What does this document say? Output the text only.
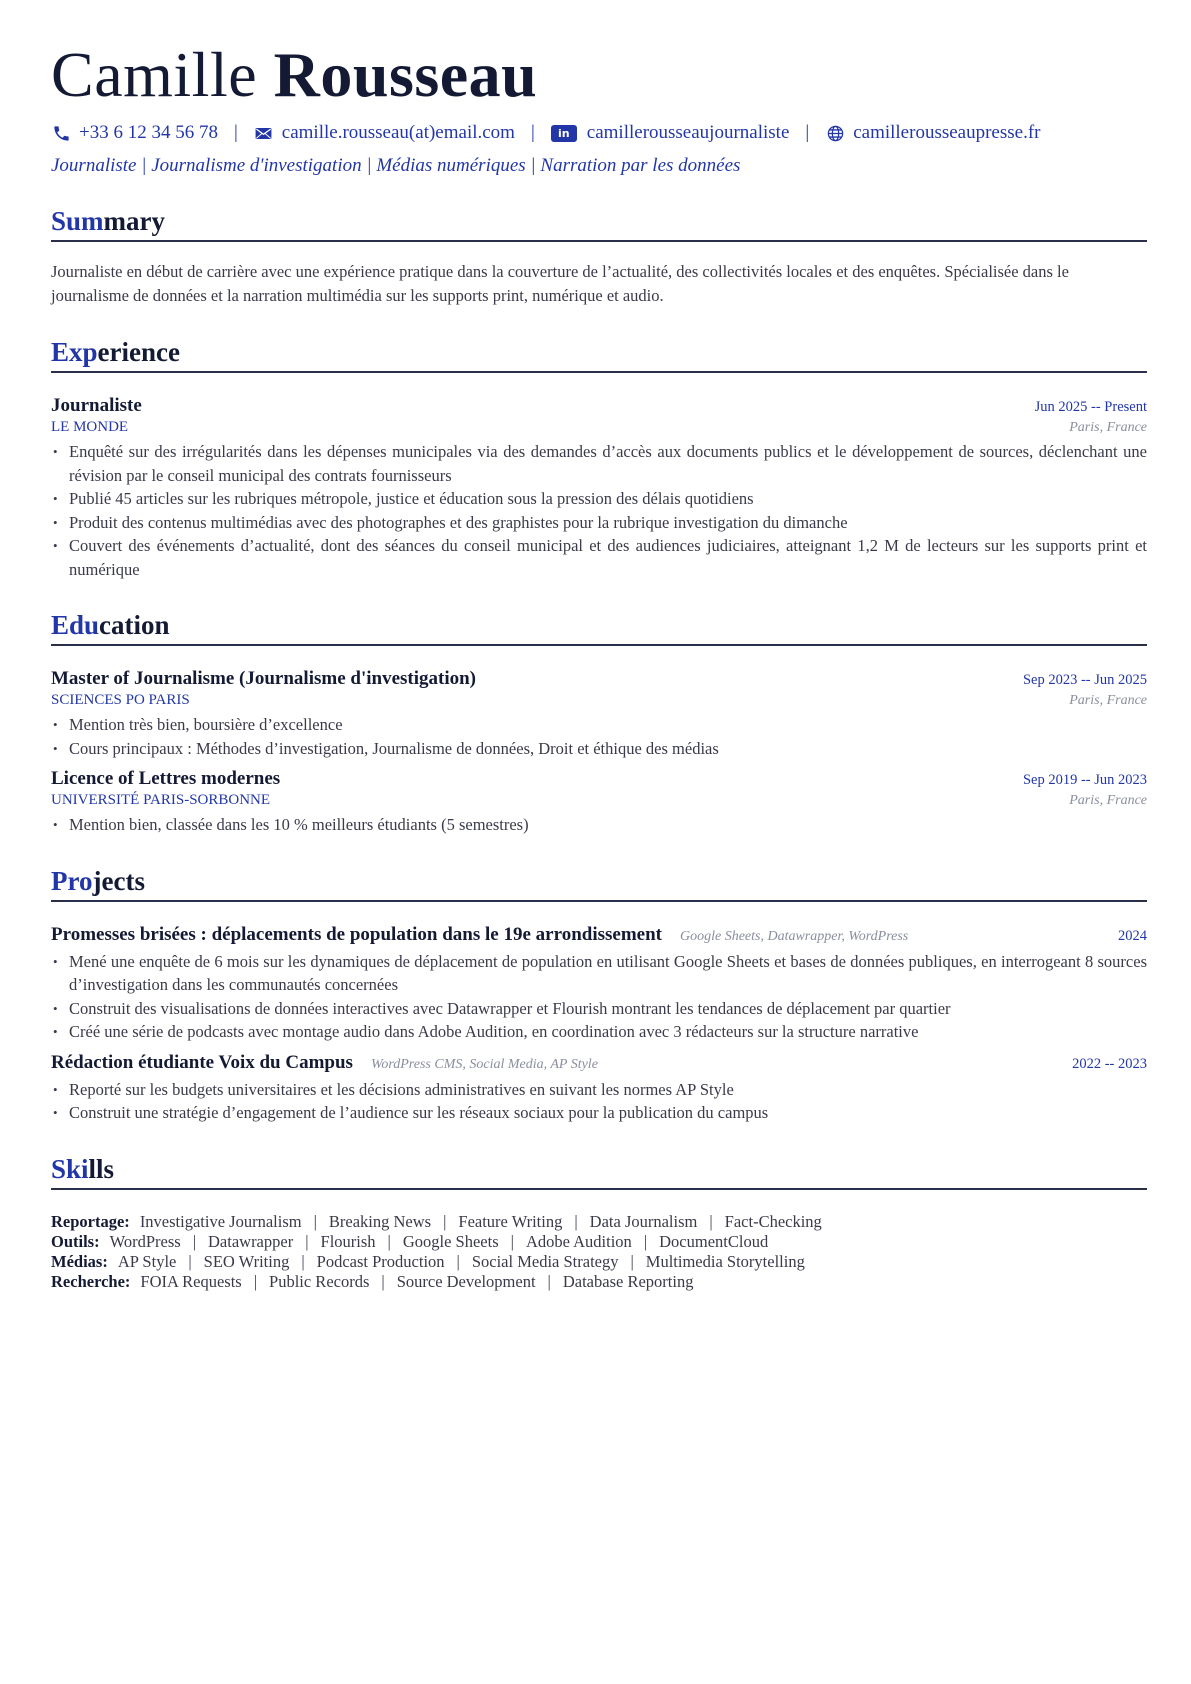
Camille Rousseau
+33 6 12 34 56 78 | camille.rousseau(at)email.com |	in camillerousseaujournaliste | camillerousseaupresse.fr
Journaliste | Journalisme d'investigation | Médias numériques | Narration par les données
Summary
Journaliste en début de carrière avec une expérience pratique dans la couverture de l’actualité, des collectivités locales et des enquêtes. Spécialisée dans le journalisme de données et la narration multimédia sur les supports print, numérique et audio.
Experience
Journaliste	Jun 2025 -- Present
LE MONDE	Paris, France
• Enquêté sur des irrégularités dans les dépenses municipales via des demandes d’accès aux documents publics et le développement de sources, déclenchant une révision par le conseil municipal des contrats fournisseurs
• Publié 45 articles sur les rubriques métropole, justice et éducation sous la pression des délais quotidiens
• Produit des contenus multimédias avec des photographes et des graphistes pour la rubrique investigation du dimanche
• Couvert des événements d’actualité, dont des séances du conseil municipal et des audiences judiciaires, atteignant 1,2 M de lecteurs sur les supports print et numérique
Education
Master of Journalisme (Journalisme d'investigation)	Sep 2023 -- Jun 2025
SCIENCES PO PARIS	Paris, France
• Mention très bien, boursière d’excellence
• Cours principaux : Méthodes d’investigation, Journalisme de données, Droit et éthique des médias
Licence of Lettres modernes	Sep 2019 -- Jun 2023
UNIVERSITÉ PARIS-SORBONNE	Paris, France
• Mention bien, classée dans les 10 % meilleurs étudiants (5 semestres)
Projects
Promesses brisées : déplacements de population dans le 19e arrondissement Google Sheets, Datawrapper, WordPress	2024
• Mené une enquête de 6 mois sur les dynamiques de déplacement de population en utilisant Google Sheets et bases de données publiques, en interrogeant 8 sources d’investigation dans les communautés concernées
• Construit des visualisations de données interactives avec Datawrapper et Flourish montrant les tendances de déplacement par quartier
• Créé une série de podcasts avec montage audio dans Adobe Audition, en coordination avec 3 rédacteurs sur la structure narrative
Rédaction étudiante Voix du Campus WordPress CMS, Social Media, AP Style	2022 -- 2023
• Reporté sur les budgets universitaires et les décisions administratives en suivant les normes AP Style
• Construit une stratégie d’engagement de l’audience sur les réseaux sociaux pour la publication du campus
Skills
Reportage: Investigative Journalism | Breaking News | Feature Writing | Data Journalism | Fact-Checking
Outils: WordPress | Datawrapper | Flourish | Google Sheets | Adobe Audition | DocumentCloud
Médias: AP Style | SEO Writing | Podcast Production | Social Media Strategy | Multimedia Storytelling
Recherche: FOIA Requests | Public Records | Source Development | Database Reporting
